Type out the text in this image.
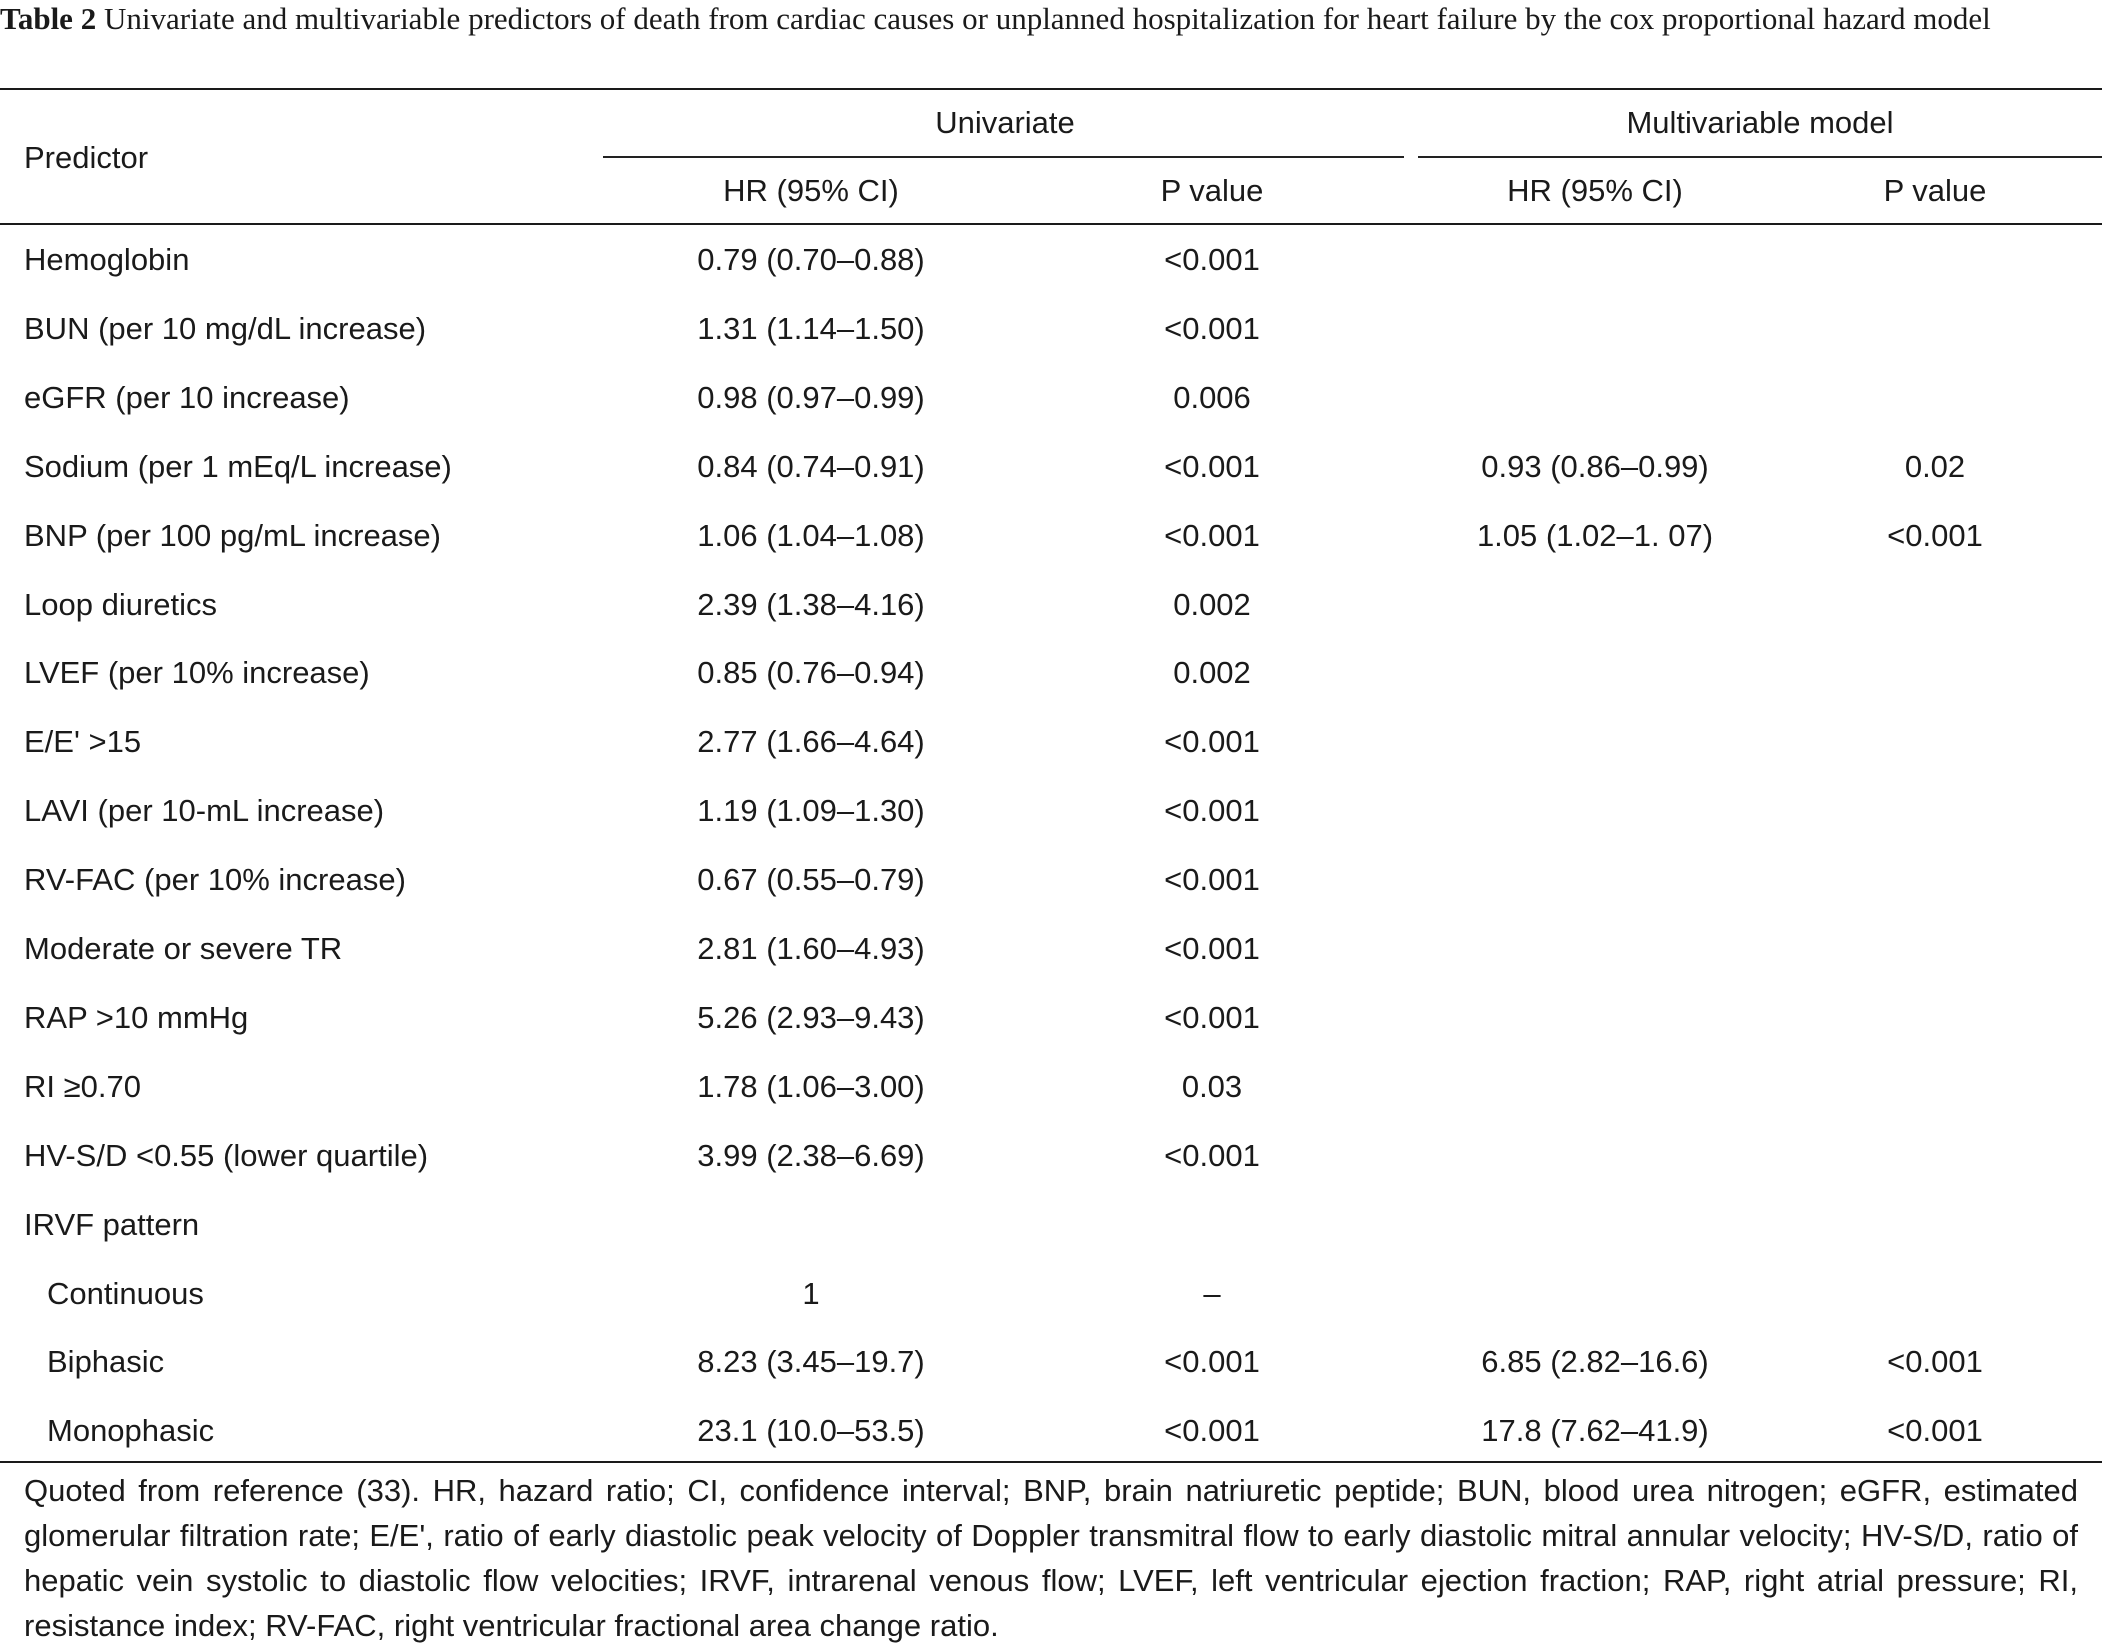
Table 2 Univariate and multivariable predictors of death from cardiac causes or unplanned hospitalization for heart failure by the cox proportional hazard model

Predictor
Univariate	Multivariable model
HR (95% CI)	P value	HR (95% CI)	P value
Hemoglobin	0.79 (0.70–0.88)	<0.001
BUN (per 10 mg/dL increase)	1.31 (1.14–1.50)	<0.001
eGFR (per 10 increase)	0.98 (0.97–0.99)	0.006
Sodium (per 1 mEq/L increase)	0.84 (0.74–0.91)	<0.001	0.93 (0.86–0.99)	0.02
BNP (per 100 pg/mL increase)	1.06 (1.04–1.08)	<0.001	1.05 (1.02–1. 07)	<0.001
Loop diuretics	2.39 (1.38–4.16)	0.002
LVEF (per 10% increase)	0.85 (0.76–0.94)	0.002
E/E' >15	2.77 (1.66–4.64)	<0.001
LAVI (per 10-mL increase)	1.19 (1.09–1.30)	<0.001
RV-FAC (per 10% increase)	0.67 (0.55–0.79)	<0.001
Moderate or severe TR	2.81 (1.60–4.93)	<0.001
RAP >10 mmHg	5.26 (2.93–9.43)	<0.001
RI ≥0.70	1.78 (1.06–3.00)	0.03
HV-S/D <0.55 (lower quartile)	3.99 (2.38–6.69)	<0.001
IRVF pattern
Continuous	1	–
Biphasic	8.23 (3.45–19.7)	<0.001	6.85 (2.82–16.6)	<0.001
Monophasic	23.1 (10.0–53.5)	<0.001	17.8 (7.62–41.9)	<0.001

Quoted from reference (33). HR, hazard ratio; CI, confidence interval; BNP, brain natriuretic peptide; BUN, blood urea nitrogen; eGFR, estimated glomerular filtration rate; E/E', ratio of early diastolic peak velocity of Doppler transmitral flow to early diastolic mitral annular velocity; HV-S/D, ratio of hepatic vein systolic to diastolic flow velocities; IRVF, intrarenal venous flow; LVEF, left ventricular ejection fraction; RAP, right atrial pressure; RI, resistance index; RV-FAC, right ventricular fractional area change ratio.
